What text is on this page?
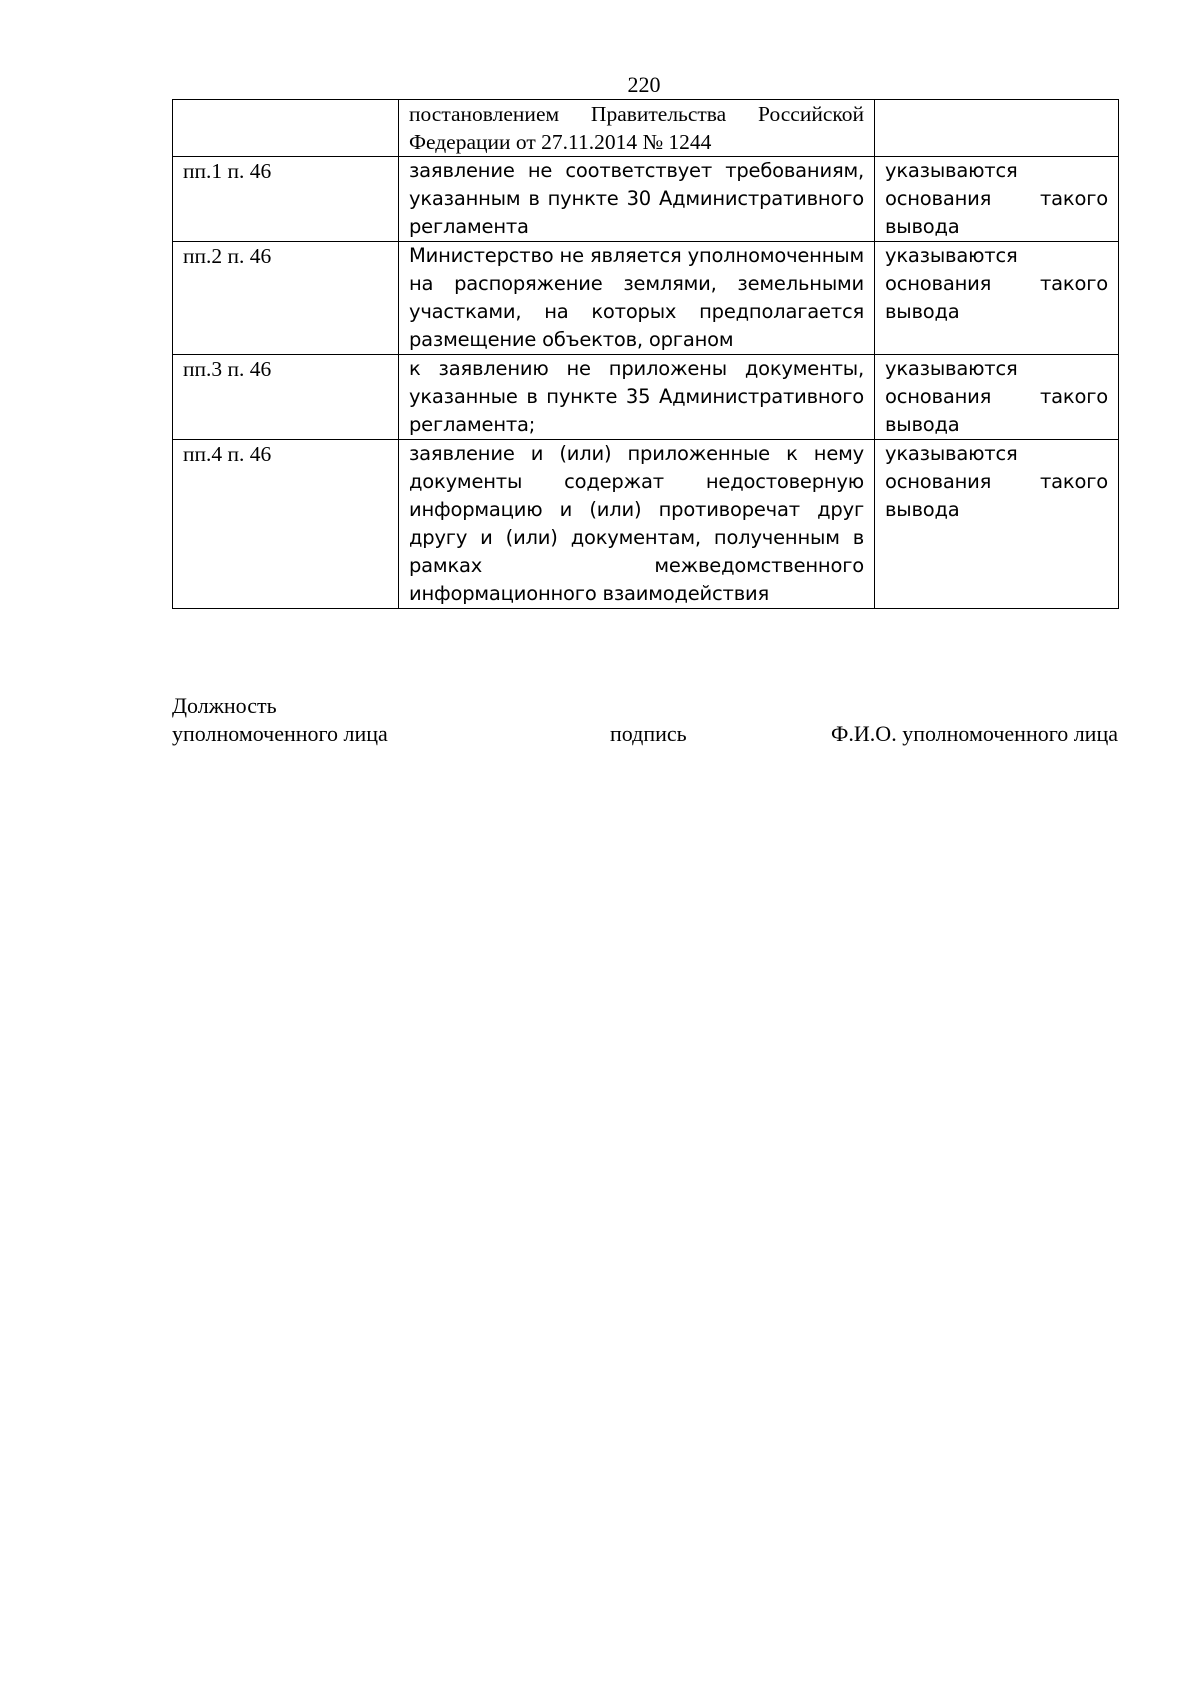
220
	постановлением Правительства Российской Федерации от 27.11.2014 № 1244	
пп.1 п. 46	заявление не соответствует требованиям, указанным в пункте 30 Административного регламента	указываются основания такого вывода
пп.2 п. 46	Министерство не является уполномоченным на распоряжение землями, земельными участками, на которых предполагается размещение объектов, органом	указываются основания такого вывода
пп.3 п. 46	к заявлению не приложены документы, указанные в пункте 35 Административного регламента;	указываются основания такого вывода
пп.4 п. 46	заявление и (или) приложенные к нему документы содержат недостоверную информацию и (или) противоречат друг другу и (или) документам, полученным в рамках межведомственного информационного взаимодействия	указываются основания такого вывода
Должность
уполномоченного лица	подпись	Ф.И.О. уполномоченного лица
